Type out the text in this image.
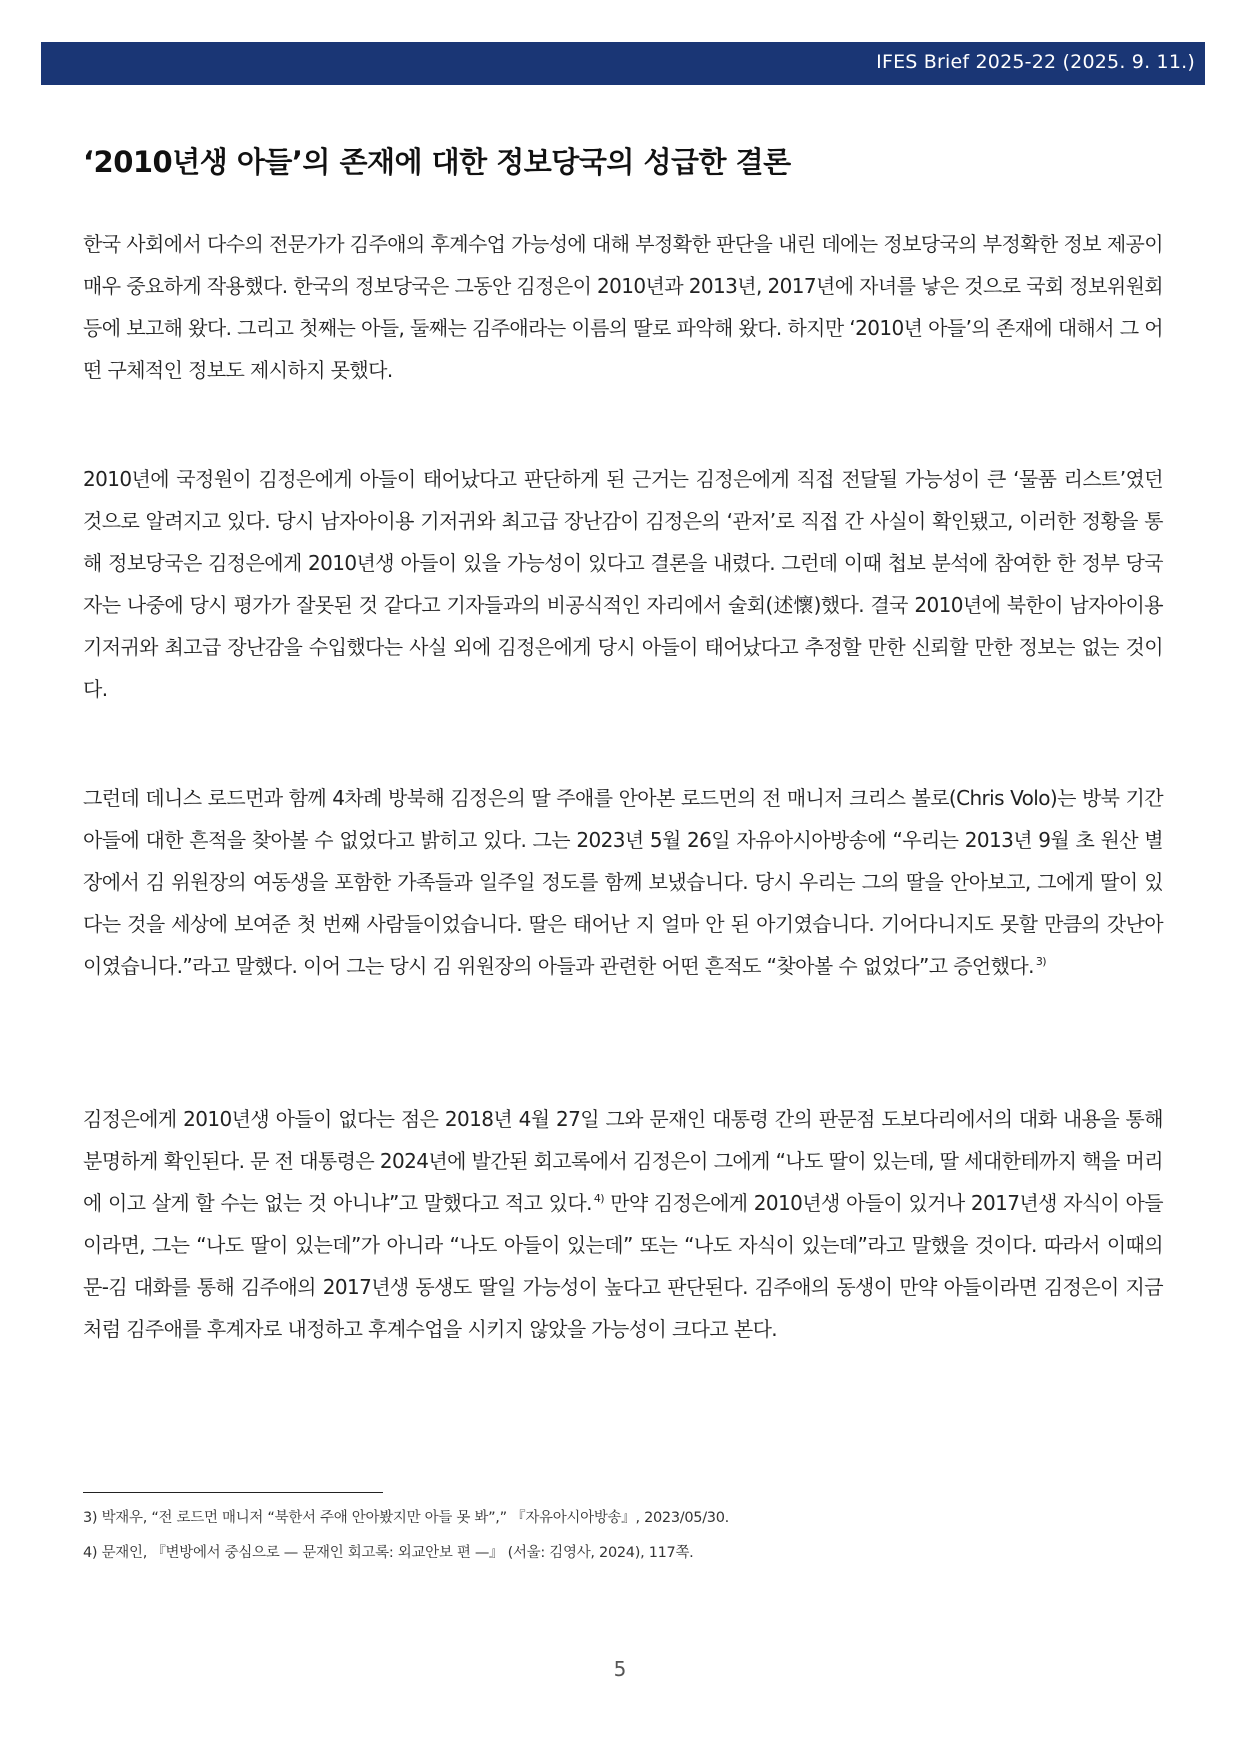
IFES Brief 2025-22 (2025. 9. 11.)
‘2010년생 아들’의 존재에 대한 정보당국의 성급한 결론

한국 사회에서 다수의 전문가가 김주애의 후계수업 가능성에 대해 부정확한 판단을 내린 데에는 정보당국의 부정확한 정보 제공이 매우 중요하게 작용했다. 한국의 정보당국은 그동안 김정은이 2010년과 2013년, 2017년에 자녀를 낳은 것으로 국회 정보위원회 등에 보고해 왔다. 그리고 첫째는 아들, 둘째는 김주애라는 이름의 딸로 파악해 왔다. 하지만 ‘2010년 아들’의 존재에 대해서 그 어떤 구체적인 정보도 제시하지 못했다.

2010년에 국정원이 김정은에게 아들이 태어났다고 판단하게 된 근거는 김정은에게 직접 전달될 가능성이 큰 ‘물품 리스트’였던 것으로 알려지고 있다. 당시 남자아이용 기저귀와 최고급 장난감이 김정은의 ‘관저’로 직접 간 사실이 확인됐고, 이러한 정황을 통해 정보당국은 김정은에게 2010년생 아들이 있을 가능성이 있다고 결론을 내렸다. 그런데 이때 첩보 분석에 참여한 한 정부 당국자는 나중에 당시 평가가 잘못된 것 같다고 기자들과의 비공식적인 자리에서 술회(述懷)했다. 결국 2010년에 북한이 남자아이용 기저귀와 최고급 장난감을 수입했다는 사실 외에 김정은에게 당시 아들이 태어났다고 추정할 만한 신뢰할 만한 정보는 없는 것이다.

그런데 데니스 로드먼과 함께 4차례 방북해 김정은의 딸 주애를 안아본 로드먼의 전 매니저 크리스 볼로(Chris Volo)는 방북 기간 아들에 대한 흔적을 찾아볼 수 없었다고 밝히고 있다. 그는 2023년 5월 26일 자유아시아방송에 “우리는 2013년 9월 초 원산 별장에서 김 위원장의 여동생을 포함한 가족들과 일주일 정도를 함께 보냈습니다. 당시 우리는 그의 딸을 안아보고, 그에게 딸이 있다는 것을 세상에 보여준 첫 번째 사람들이었습니다. 딸은 태어난 지 얼마 안 된 아기였습니다. 기어다니지도 못할 만큼의 갓난아이였습니다.”라고 말했다. 이어 그는 당시 김 위원장의 아들과 관련한 어떤 흔적도 “찾아볼 수 없었다”고 증언했다. $^{3)}$

김정은에게 2010년생 아들이 없다는 점은 2018년 4월 27일 그와 문재인 대통령 간의 판문점 도보다리에서의 대화 내용을 통해 분명하게 확인된다. 문 전 대통령은 2024년에 발간된 회고록에서 김정은이 그에게 “나도 딸이 있는데, 딸 세대한테까지 핵을 머리에 이고 살게 할 수는 없는 것 아니냐”고 말했다고 적고 있다. $^{4)}$ 만약 김정은에게 2010년생 아들이 있거나 2017년생 자식이 아들이라면, 그는 “나도 딸이 있는데”가 아니라 “나도 아들이 있는데” 또는 “나도 자식이 있는데”라고 말했을 것이다. 따라서 이때의 문-김 대화를 통해 김주애의 2017년생 동생도 딸일 가능성이 높다고 판단된다. 김주애의 동생이 만약 아들이라면 김정은이 지금처럼 김주애를 후계자로 내정하고 후계수업을 시키지 않았을 가능성이 크다고 본다.

3) 박재우, “전 로드먼 매니저 “북한서 주애 안아봤지만 아들 못 봐”,” 『자유아시아방송』, 2023/05/30.
4) 문재인, 『변방에서 중심으로 — 문재인 회고록: 외교안보 편 —』 (서울: 김영사, 2024), 117쪽.
5
